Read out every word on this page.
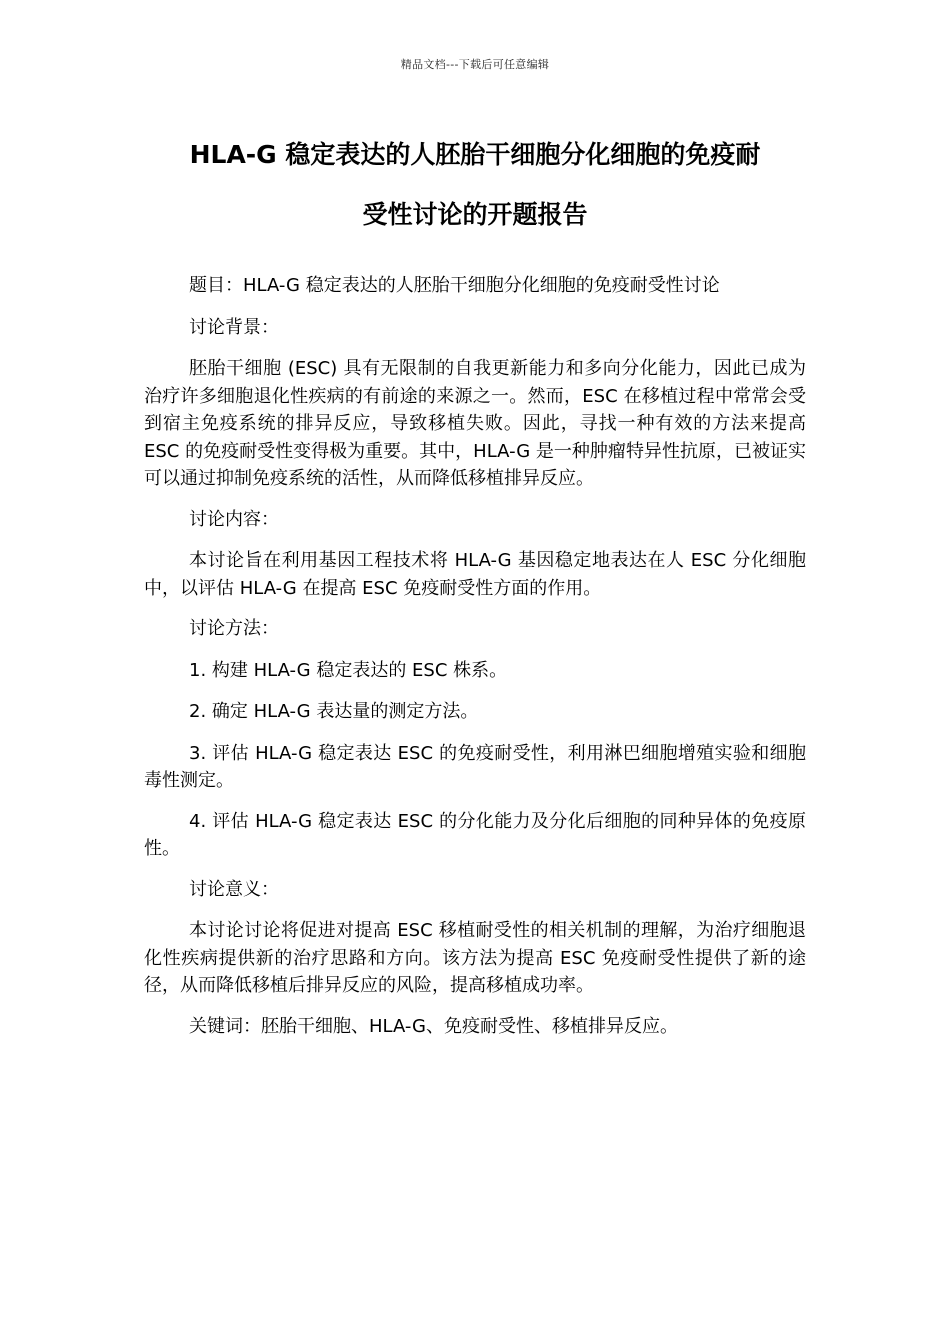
精品文档---下载后可任意编辑
HLA-G 稳定表达的人胚胎干细胞分化细胞的免疫耐
受性讨论的开题报告

题目：HLA-G 稳定表达的人胚胎干细胞分化细胞的免疫耐受性讨论

讨论背景：

胚胎干细胞 (ESC) 具有无限制的自我更新能力和多向分化能力，因此已成为治疗许多细胞退化性疾病的有前途的来源之一。然而，ESC 在移植过程中常常会受到宿主免疫系统的排异反应，导致移植失败。因此，寻找一种有效的方法来提高 ESC 的免疫耐受性变得极为重要。其中，HLA-G 是一种肿瘤特异性抗原，已被证实可以通过抑制免疫系统的活性，从而降低移植排异反应。

讨论内容：

本讨论旨在利用基因工程技术将 HLA-G 基因稳定地表达在人 ESC 分化细胞中，以评估 HLA-G 在提高 ESC 免疫耐受性方面的作用。

讨论方法：

1. 构建 HLA-G 稳定表达的 ESC 株系。

2. 确定 HLA-G 表达量的测定方法。

3. 评估 HLA-G 稳定表达 ESC 的免疫耐受性，利用淋巴细胞增殖实验和细胞毒性测定。

4. 评估 HLA-G 稳定表达 ESC 的分化能力及分化后细胞的同种异体的免疫原性。

讨论意义：

本讨论讨论将促进对提高 ESC 移植耐受性的相关机制的理解，为治疗细胞退化性疾病提供新的治疗思路和方向。该方法为提高 ESC 免疫耐受性提供了新的途径，从而降低移植后排异反应的风险，提高移植成功率。

关键词：胚胎干细胞、HLA-G、免疫耐受性、移植排异反应。
